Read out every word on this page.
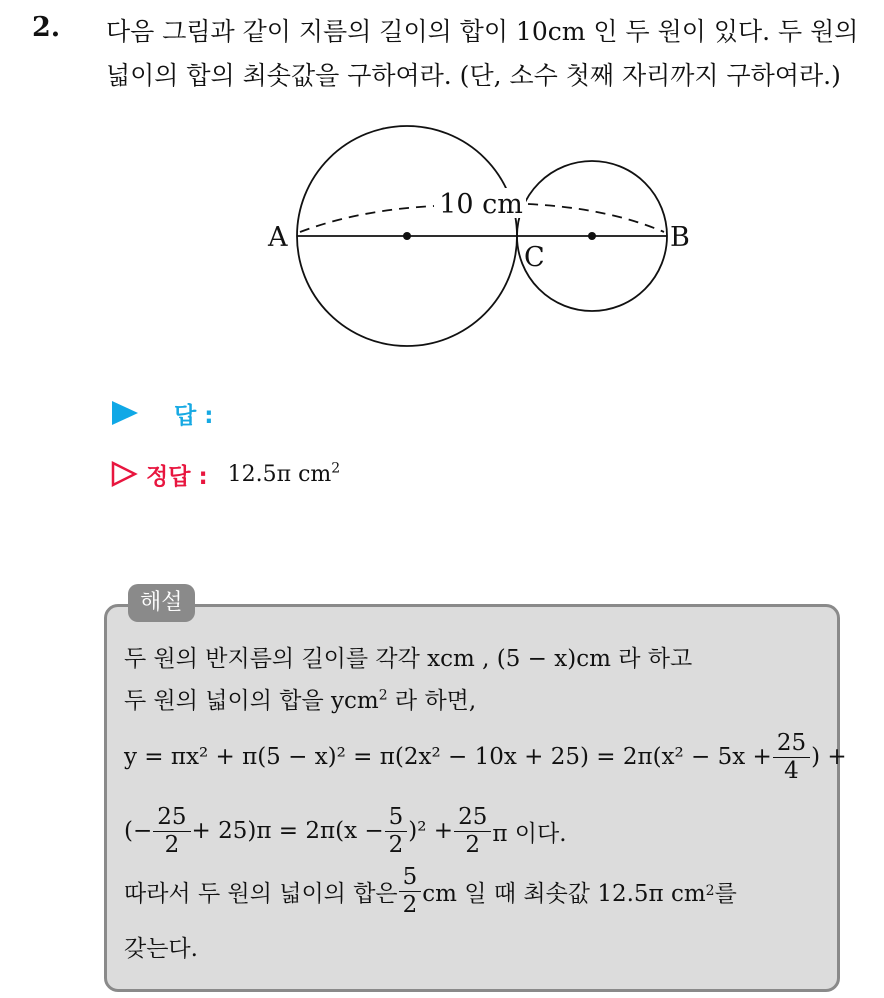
2. 다음 그림과 같이 지름의 길이의 합이 10cm 인 두 원이 있다. 두 원의
넓이의 합의 최솟값을 구하여라. (단, 소수 첫째 자리까지 구하여라.)
10 cm
A	B
C
답 :
정답 : 12.5π $cm^2$
해설
두 원의 반지름의 길이를 각각 xcm , (5 − x)cm 라 하고
두 원의 넓이의 합을 ycm$^2$ 라 하면,
$y = \pi x^2 + \pi(5 - x)^2 = \pi(2x^2 - 10x + 25) = 2\pi(x^2 - 5x + \frac{25}{4}$ ) +
(− $\frac{25}{2} + 25)\pi = 2\pi(x - \frac{5}{2} )^2 + \frac{25}{2}$ π 이다.
따라서 두 원의 넓이의 합은 $\frac{5}{2}$ cm 일 때 최솟값 12.5π cm 2 를
갖는다.
